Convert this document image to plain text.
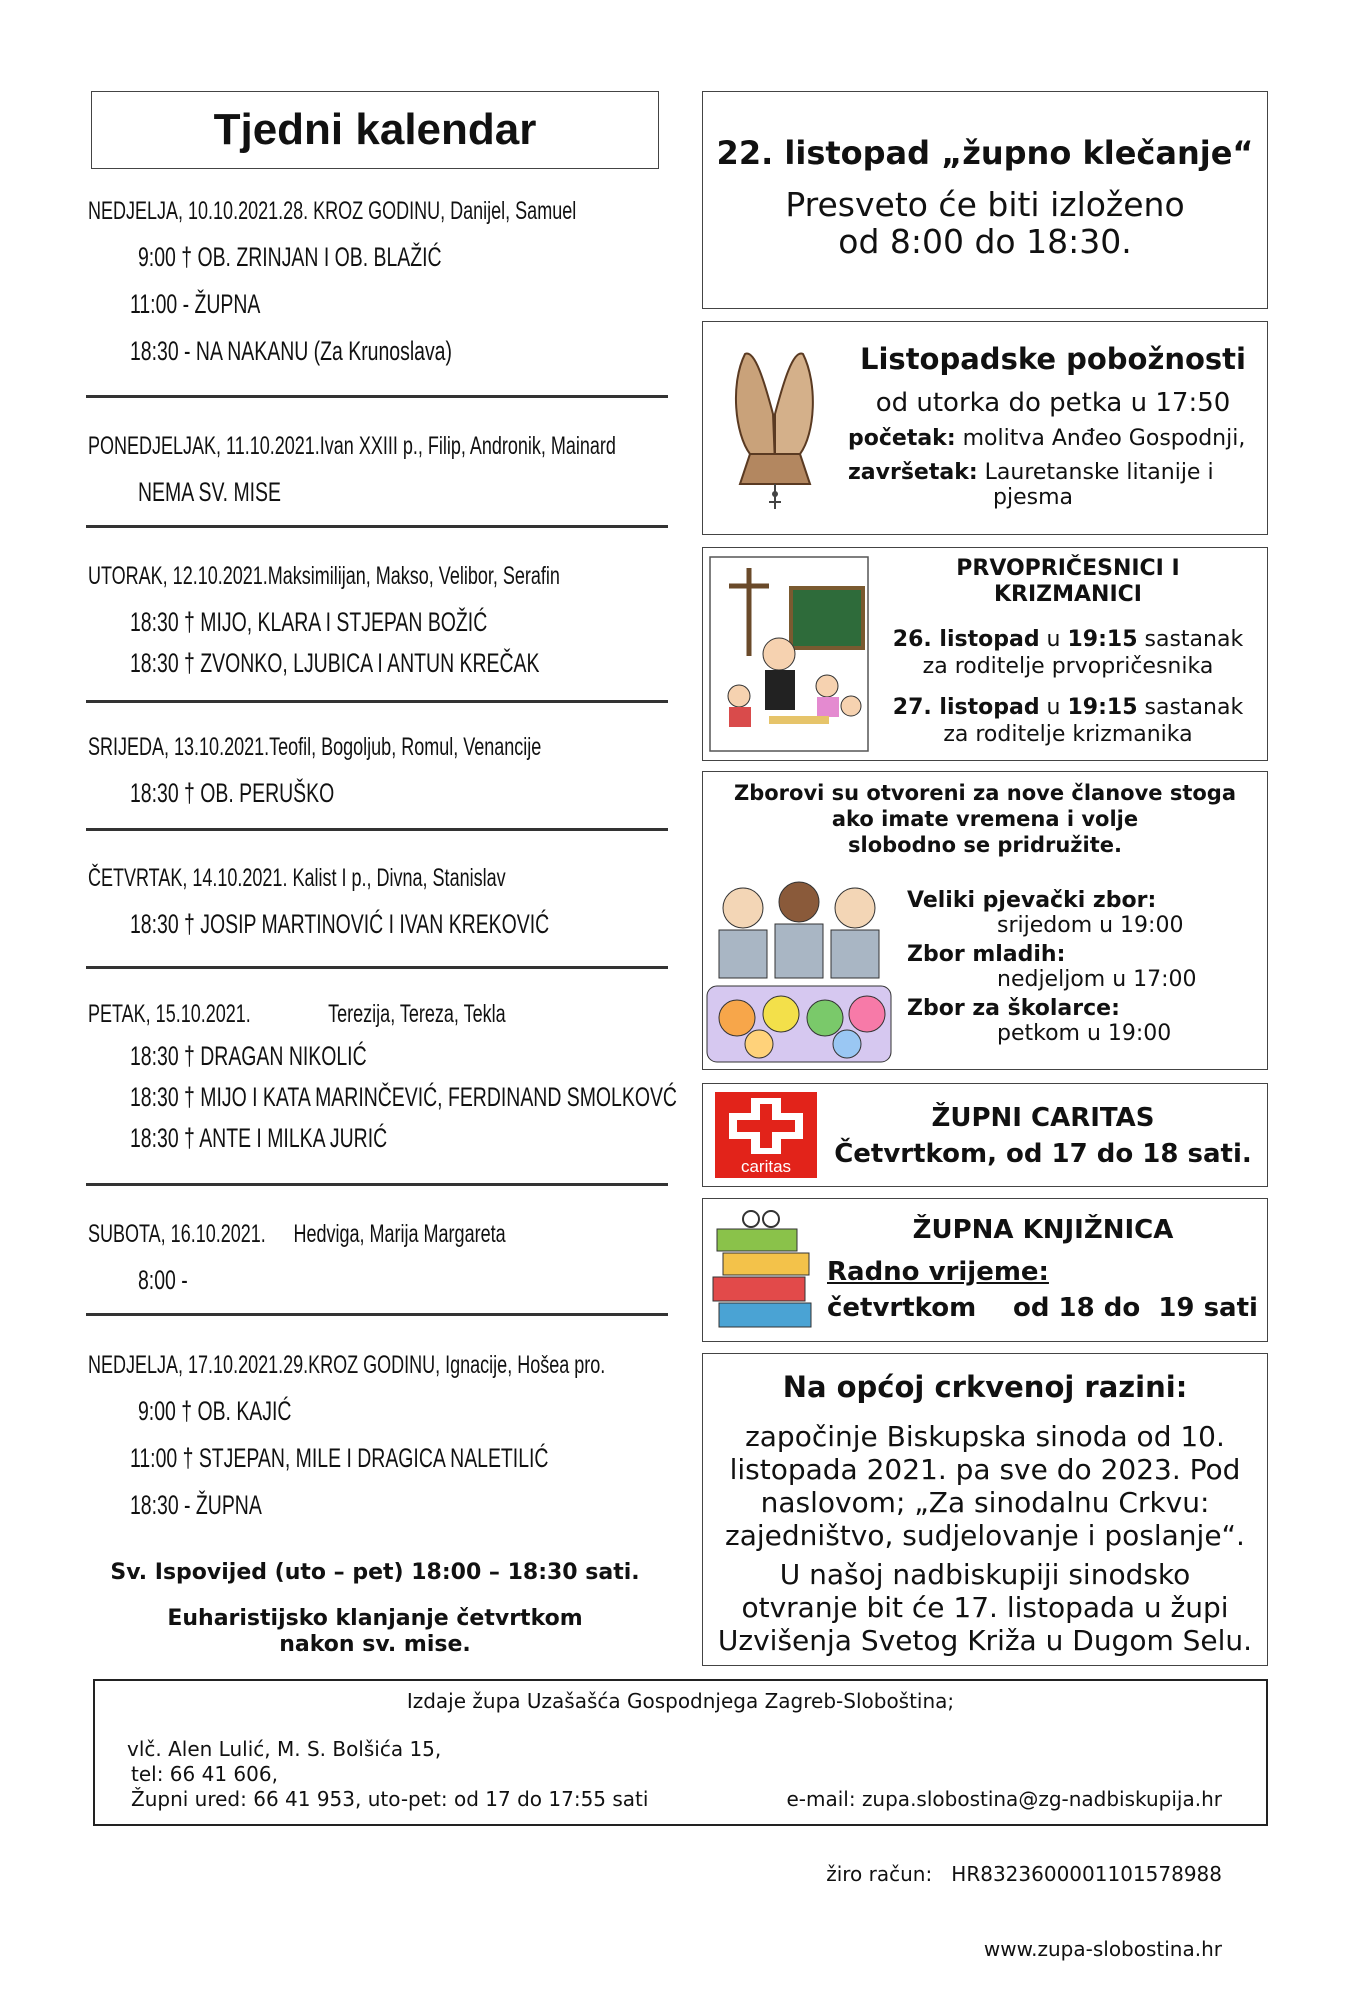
Tjedni kalendar
NEDJELJA, 10.10.2021. 28. KROZ GODINU, Danijel, Samuel
9:00 † OB. ZRINJAN I OB. BLAŽIĆ
11:00 - ŽUPNA
18:30 - NA NAKANU (Za Krunoslava)
PONEDJELJAK, 11.10.2021. Ivan XXIII p., Filip, Andronik, Mainard
NEMA SV. MISE
UTORAK, 12.10.2021. Maksimilijan, Makso, Velibor, Serafin
18:30 † MIJO, KLARA I STJEPAN BOŽIĆ
18:30 † ZVONKO, LJUBICA I ANTUN KREČAK
SRIJEDA, 13.10.2021. Teofil, Bogoljub, Romul, Venancije
18:30 † OB. PERUŠKO
ČETVRTAK, 14.10.2021. Kalist I p., Divna, Stanislav
18:30 † JOSIP MARTINOVIĆ I IVAN KREKOVIĆ
PETAK, 15.10.2021.	Terezija, Tereza, Tekla
18:30 † DRAGAN NIKOLIĆ
18:30 † MIJO I KATA MARINČEVIĆ, FERDINAND SMOLKOVĆ
18:30 † ANTE I MILKA JURIĆ
SUBOTA, 16.10.2021.	Hedviga, Marija Margareta
8:00 -
NEDJELJA, 17.10.2021. 29.KROZ GODINU, Ignacije, Hošea pro.
9:00 † OB. KAJIĆ
11:00 † STJEPAN, MILE I DRAGICA NALETILIĆ
18:30 - ŽUPNA
Sv. Ispovijed (uto – pet) 18:00 – 18:30 sati.
Euharistijsko klanjanje četvrtkom
nakon sv. mise.
22. listopad „župno klečanje“
Presveto će biti izloženo
od 8:00 do 18:30.
Listopadske pobožnosti
od utorka do petka u 17:50
početak: molitva Anđeo Gospodnji,
završetak: Lauretanske litanije i
pjesma
PRVOPRIČESNICI I
KRIZMANICI
26. listopad u 19:15 sastanak
za roditelje prvopričesnika
27. listopad u 19:15 sastanak
za roditelje krizmanika
Zborovi su otvoreni za nove članove stoga
ako imate vremena i volje
slobodno se pridružite.
Veliki pjevački zbor:
srijedom u 19:00
Zbor mladih:
nedjeljom u 17:00
Zbor za školarce:
petkom u 19:00
caritas
ŽUPNI CARITAS
Četvrtkom, od 17 do 18 sati.
ŽUPNA KNJIŽNICA
Radno vrijeme:
četvrtkom od 18 do  19 sati
Na općoj crkvenoj razini:
započinje Biskupska sinoda od 10.
listopada 2021. pa sve do 2023. Pod
naslovom; „Za sinodalnu Crkvu:
zajedništvo, sudjelovanje i poslanje“.
U našoj nadbiskupiji sinodsko
otvranje bit će 17. listopada u župi
Uzvišenja Svetog Križa u Dugom Selu.
Izdaje župa Uzašašća Gospodnjega Zagreb-Sloboština;
vlč. Alen Lulić, M. S. Bolšića 15,
tel: 66 41 606,
Župni ured: 66 41 953, uto-pet: od 17 do 17:55 sati

	e-mail: zupa.slobostina@zg-nadbiskupija.hr

žiro račun:   HR8323600001101578988

www.zupa-slobostina.hr
